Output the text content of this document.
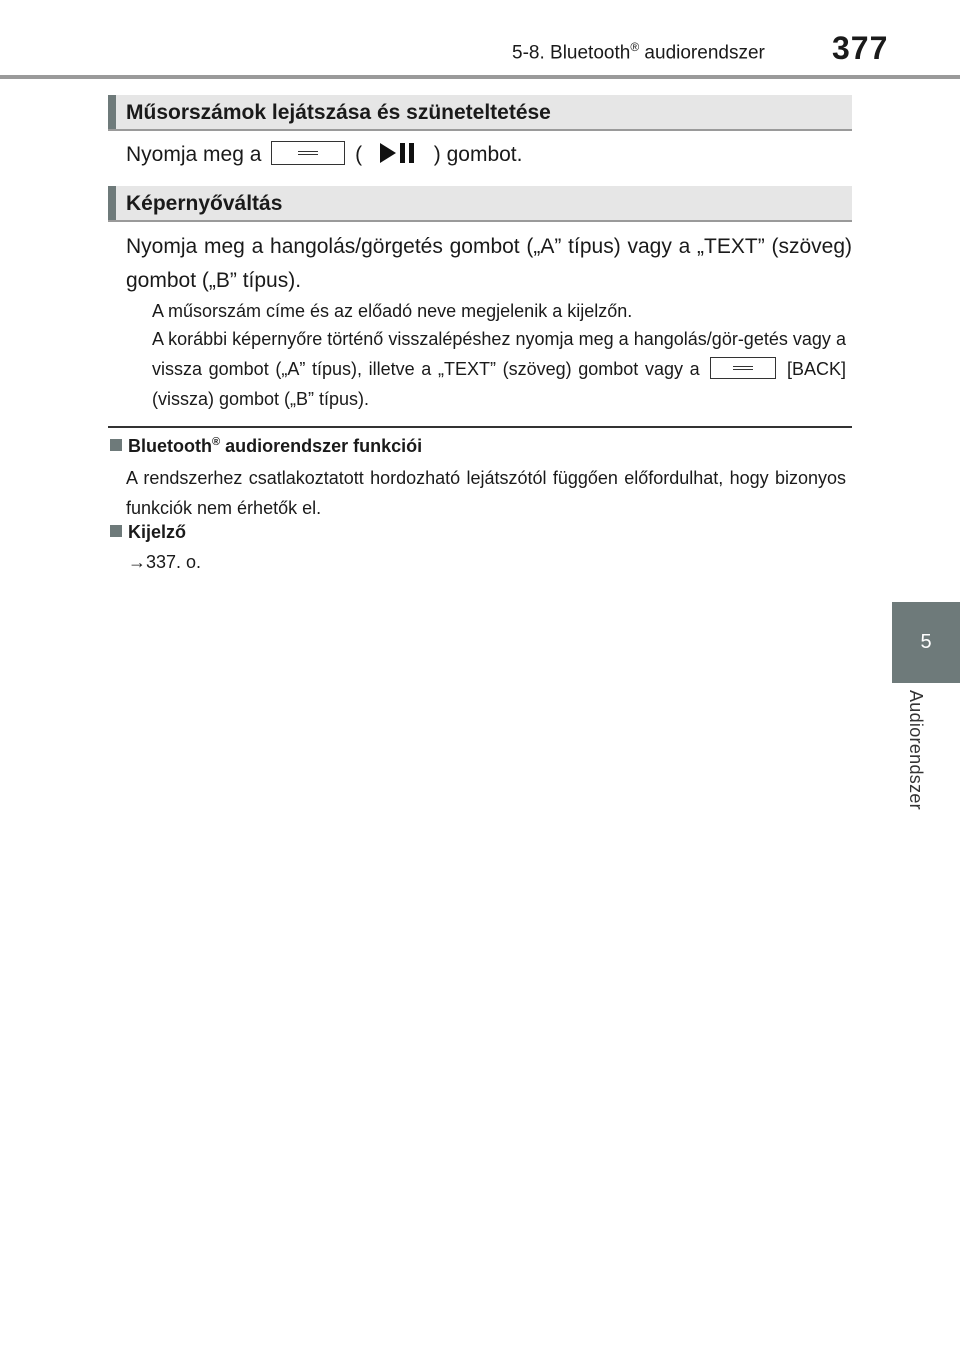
5-8. Bluetooth® audiorendszer 377
5
Audiorendszer
Műsorszámok lejátszása és szüneteltetése
Nyomja meg a	(	) gombot.
Képernyőváltás
Nyomja meg a hangolás/görgetés gombot („A” típus) vagy a „TEXT” (szöveg) gombot („B” típus).
A műsorszám címe és az előadó neve megjelenik a kijelzőn.
A korábbi képernyőre történő visszalépéshez nyomja meg a hangolás/gör-getés vagy a vissza gombot („A” típus), illetve a „TEXT” (szöveg) gombot vagy a	[BACK] (vissza) gombot („B” típus).
Bluetooth® audiorendszer funkciói
A rendszerhez csatlakoztatott hordozható lejátszótól függően előfordulhat, hogy bizonyos funkciók nem érhetők el.
Kijelző
→337. o.
